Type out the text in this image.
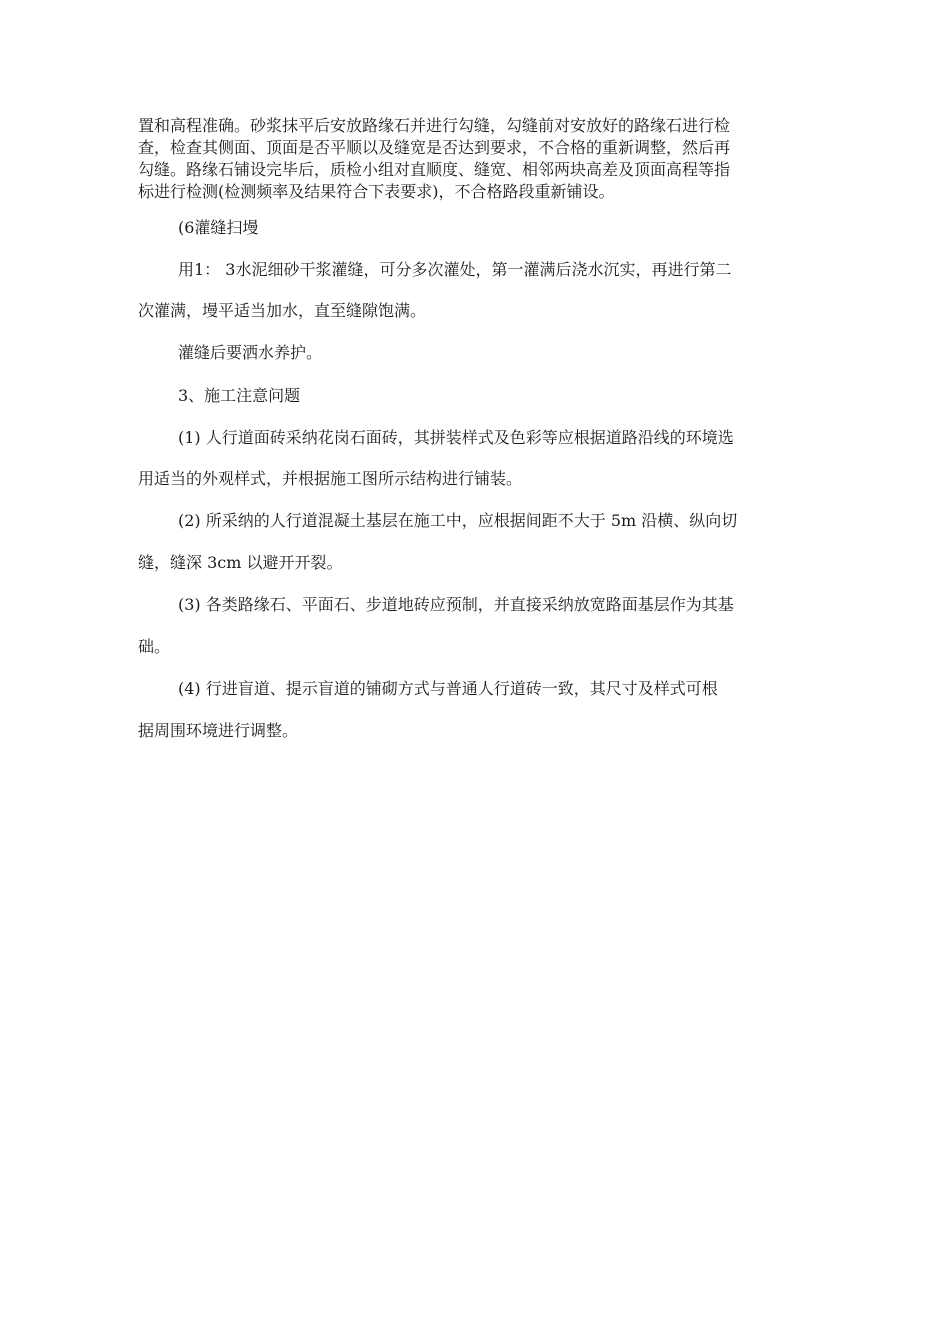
置和高程准确。砂浆抹平后安放路缘石并进行勾缝，勾缝前对安放好的路缘石进行检
查，检查其侧面、顶面是否平顺以及缝宽是否达到要求，不合格的重新调整，然后再
勾缝。路缘石铺设完毕后，质检小组对直顺度、缝宽、相邻两块高差及顶面高程等指
标进行检测(检测频率及结果符合下表要求)，不合格路段重新铺设。
(6灌缝扫墁
用1： 3水泥细砂干浆灌缝，可分多次灌处，第一灌满后浇水沉实，再进行第二
次灌满，墁平适当加水，直至缝隙饱满。
灌缝后要洒水养护。
3、施工注意问题
(1) 人行道面砖采纳花岗石面砖，其拼装样式及色彩等应根据道路沿线的环境选
用适当的外观样式，并根据施工图所示结构进行铺装。
(2) 所采纳的人行道混凝土基层在施工中，应根据间距不大于 5m 沿横、纵向切
缝，缝深 3cm 以避开开裂。
(3) 各类路缘石、平面石、步道地砖应预制，并直接采纳放宽路面基层作为其基
础。
(4) 行进盲道、提示盲道的铺砌方式与普通人行道砖一致，其尺寸及样式可根
据周围环境进行调整。
